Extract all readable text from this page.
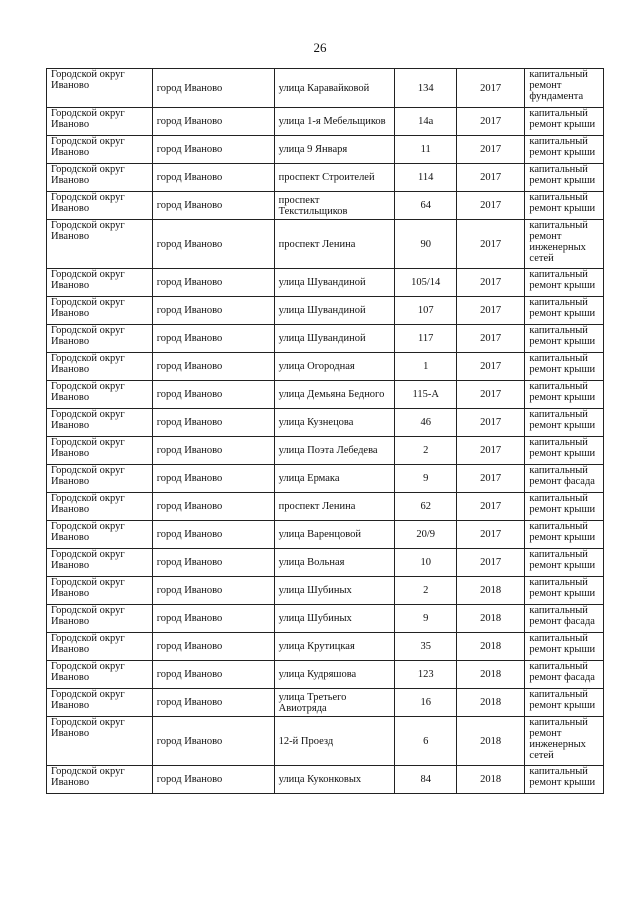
26
Городской округ Иваново	город Иваново	улица Каравайковой	134	2017	капитальный ремонт фундамента
Городской округ Иваново	город Иваново	улица 1-я Мебельщиков	14а	2017	капитальный ремонт крыши
Городской округ Иваново	город Иваново	улица 9 Января	11	2017	капитальный ремонт крыши
Городской округ Иваново	город Иваново	проспект Строителей	114	2017	капитальный ремонт крыши
Городской округ Иваново	город Иваново	проспект Текстильщиков	64	2017	капитальный ремонт крыши
Городской округ Иваново	город Иваново	проспект Ленина	90	2017	капитальный ремонт инженерных сетей
Городской округ Иваново	город Иваново	улица Шувандиной	105/14	2017	капитальный ремонт крыши
Городской округ Иваново	город Иваново	улица Шувандиной	107	2017	капитальный ремонт крыши
Городской округ Иваново	город Иваново	улица Шувандиной	117	2017	капитальный ремонт крыши
Городской округ Иваново	город Иваново	улица Огородная	1	2017	капитальный ремонт крыши
Городской округ Иваново	город Иваново	улица Демьяна Бедного	115-А	2017	капитальный ремонт крыши
Городской округ Иваново	город Иваново	улица Кузнецова	46	2017	капитальный ремонт крыши
Городской округ Иваново	город Иваново	улица Поэта Лебедева	2	2017	капитальный ремонт крыши
Городской округ Иваново	город Иваново	улица Ермака	9	2017	капитальный ремонт фасада
Городской округ Иваново	город Иваново	проспект Ленина	62	2017	капитальный ремонт крыши
Городской округ Иваново	город Иваново	улица Варенцовой	20/9	2017	капитальный ремонт крыши
Городской округ Иваново	город Иваново	улица Вольная	10	2017	капитальный ремонт крыши
Городской округ Иваново	город Иваново	улица Шубиных	2	2018	капитальный ремонт крыши
Городской округ Иваново	город Иваново	улица Шубиных	9	2018	капитальный ремонт фасада
Городской округ Иваново	город Иваново	улица Крутицкая	35	2018	капитальный ремонт крыши
Городской округ Иваново	город Иваново	улица Кудряшова	123	2018	капитальный ремонт фасада
Городской округ Иваново	город Иваново	улица Третьего Авиотряда	16	2018	капитальный ремонт крыши
Городской округ Иваново	город Иваново	12-й Проезд	6	2018	капитальный ремонт инженерных сетей
Городской округ Иваново	город Иваново	улица Куконковых	84	2018	капитальный ремонт крыши
